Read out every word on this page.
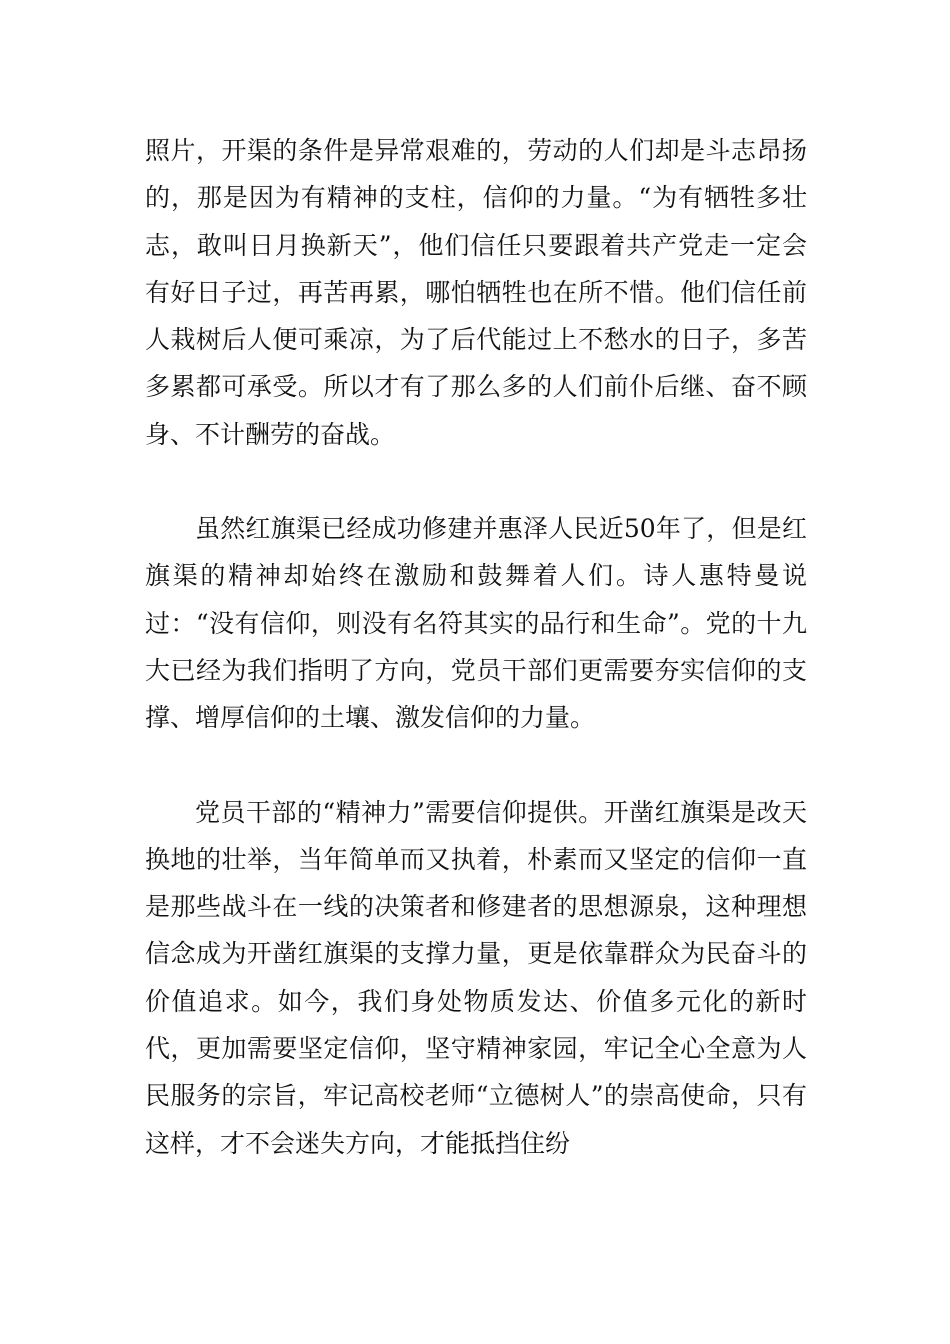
照片，开渠的条件是异常艰难的，劳动的人们却是斗志昂扬的，那是因为有精神的支柱，信仰的力量。“为有牺牲多壮志，敢叫日月换新天”，他们信任只要跟着共产党走一定会有好日子过，再苦再累，哪怕牺牲也在所不惜。他们信任前人栽树后人便可乘凉，为了后代能过上不愁水的日子，多苦多累都可承受。所以才有了那么多的人们前仆后继、奋不顾身、不计酬劳的奋战。

虽然红旗渠已经成功修建并惠泽人民近50年了，但是红旗渠的精神却始终在激励和鼓舞着人们。诗人惠特曼说过：“没有信仰，则没有名符其实的品行和生命”。党的十九大已经为我们指明了方向，党员干部们更需要夯实信仰的支撑、增厚信仰的土壤、激发信仰的力量。

党员干部的“精神力”需要信仰提供。开凿红旗渠是改天换地的壮举，当年简单而又执着，朴素而又坚定的信仰一直是那些战斗在一线的决策者和修建者的思想源泉，这种理想信念成为开凿红旗渠的支撑力量，更是依靠群众为民奋斗的价值追求。如今，我们身处物质发达、价值多元化的新时代，更加需要坚定信仰，坚守精神家园，牢记全心全意为人民服务的宗旨，牢记高校老师“立德树人”的崇高使命，只有这样，才不会迷失方向，才能抵挡住纷
